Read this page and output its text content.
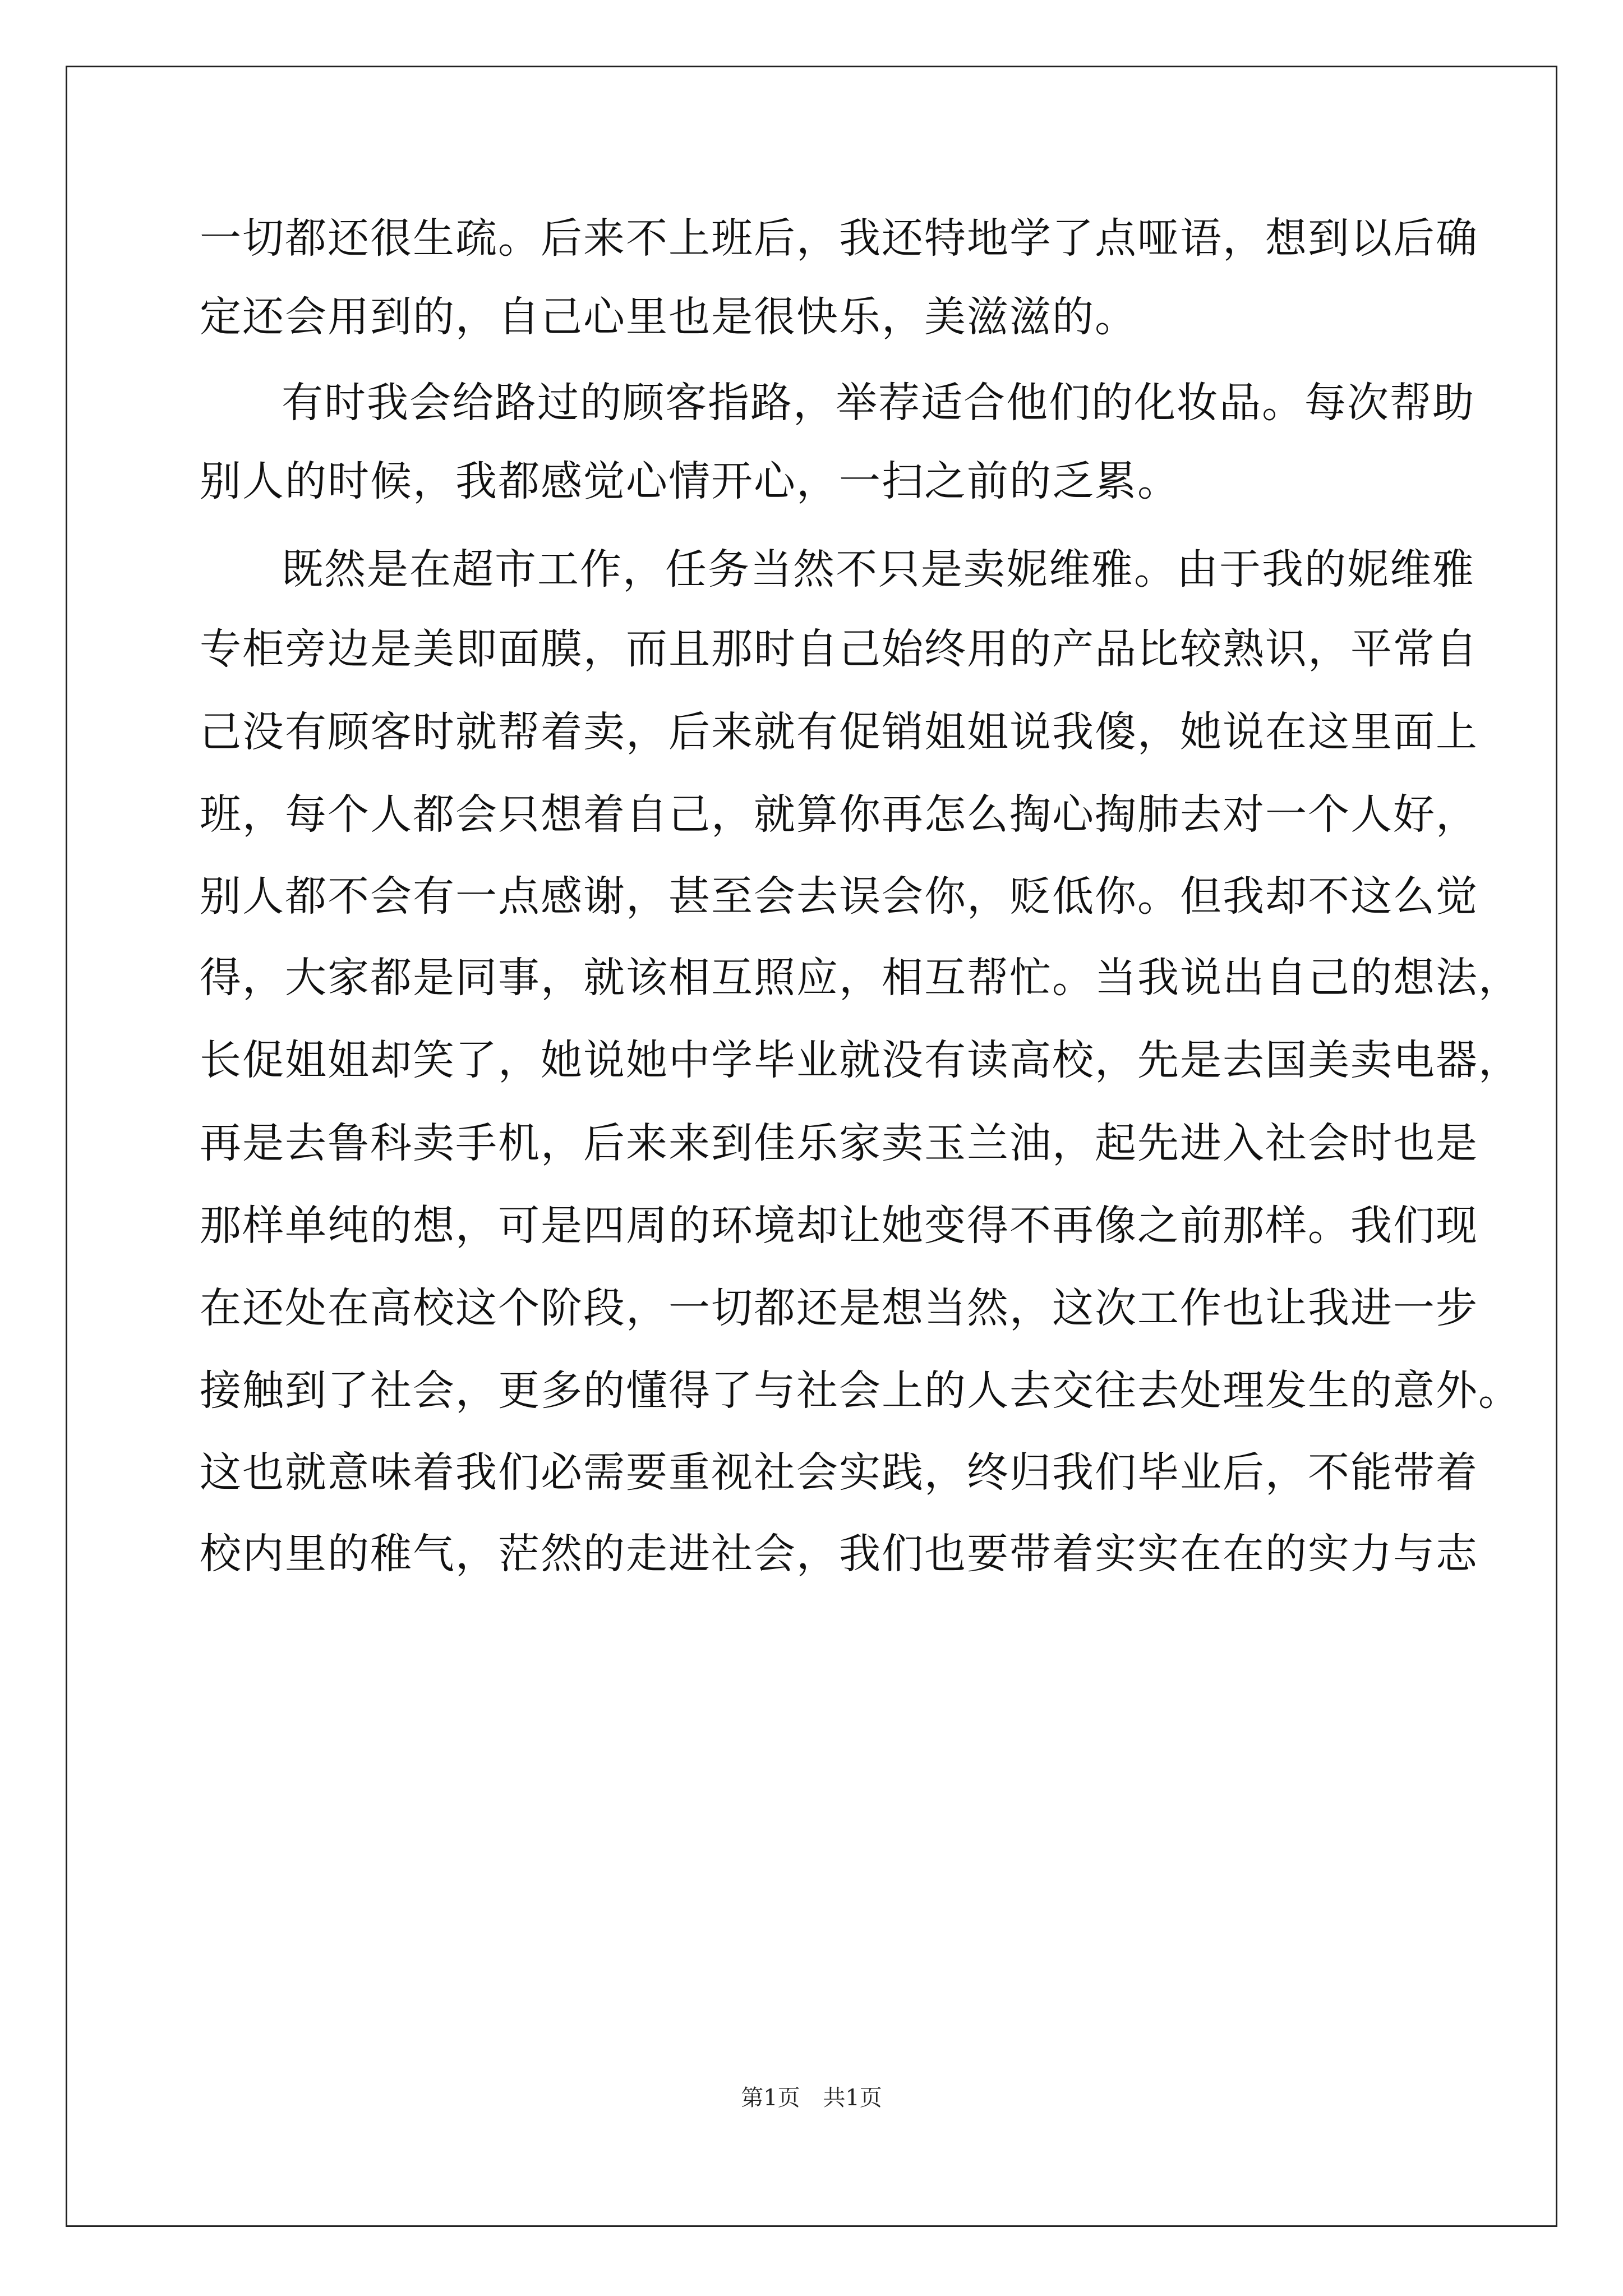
一切都还很生疏。后来不上班后，我还特地学了点哑语，想到以后确
定还会用到的，自己心里也是很快乐，美滋滋的。
有时我会给路过的顾客指路，举荐适合他们的化妆品。每次帮助
别人的时候，我都感觉心情开心，一扫之前的乏累。
既然是在超市工作，任务当然不只是卖妮维雅。由于我的妮维雅
专柜旁边是美即面膜，而且那时自己始终用的产品比较熟识，平常自
己没有顾客时就帮着卖，后来就有促销姐姐说我傻，她说在这里面上
班，每个人都会只想着自己，就算你再怎么掏心掏肺去对一个人好，
别人都不会有一点感谢，甚至会去误会你，贬低你。但我却不这么觉
得，大家都是同事，就该相互照应，相互帮忙。当我说出自己的想法，
长促姐姐却笑了，她说她中学毕业就没有读高校，先是去国美卖电器，
再是去鲁科卖手机，后来来到佳乐家卖玉兰油，起先进入社会时也是
那样单纯的想，可是四周的环境却让她变得不再像之前那样。我们现
在还处在高校这个阶段，一切都还是想当然，这次工作也让我进一步
接触到了社会，更多的懂得了与社会上的人去交往去处理发生的意外。
这也就意味着我们必需要重视社会实践，终归我们毕业后，不能带着
校内里的稚气，茫然的走进社会，我们也要带着实实在在的实力与志
第1页 共1页
